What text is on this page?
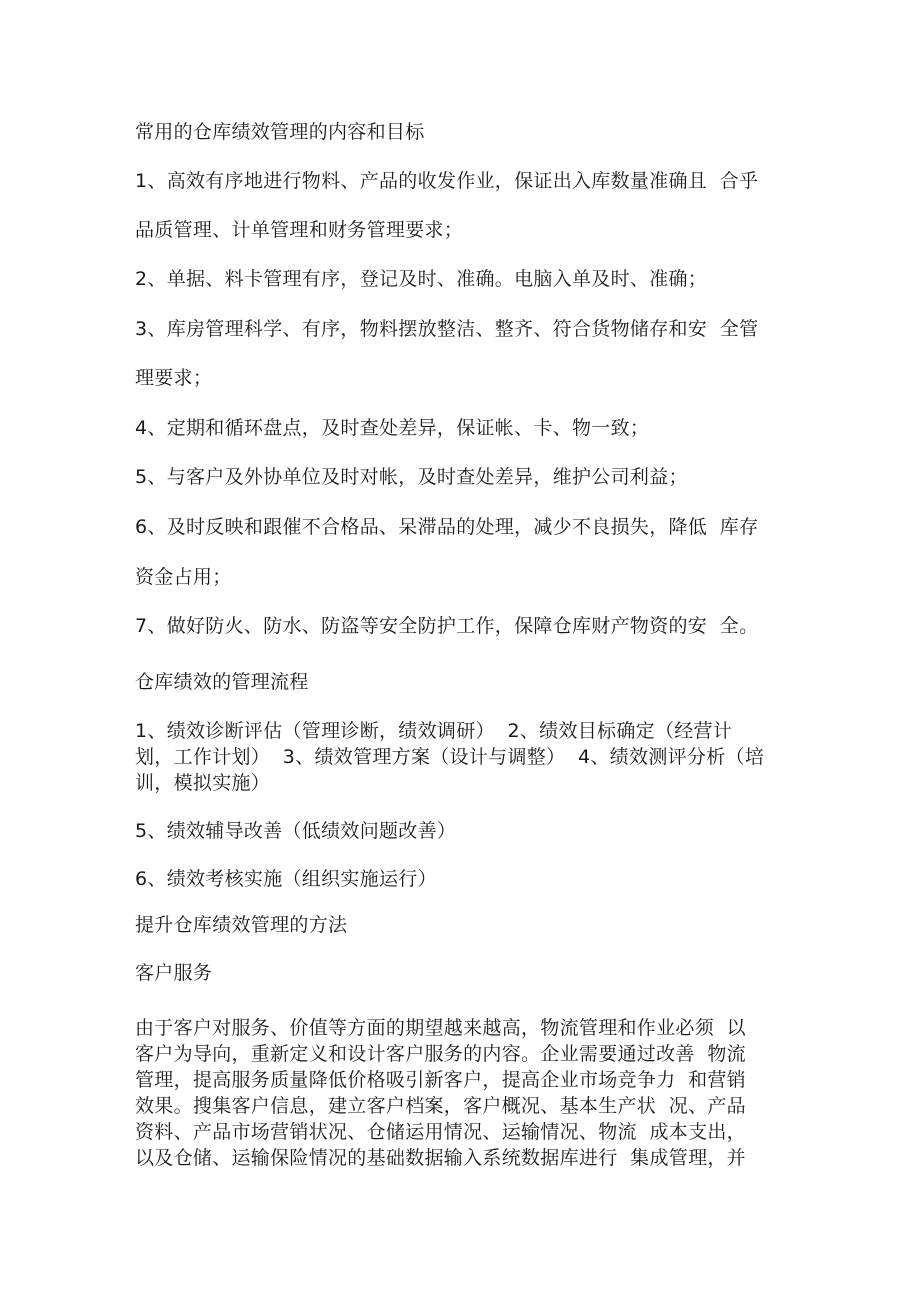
常用的仓库绩效管理的内容和目标

1、高效有序地进行物料、产品的收发作业，保证出入库数量准确且  合乎

品质管理、计单管理和财务管理要求；

2、单据、料卡管理有序，登记及时、准确。电脑入单及时、准确；

3、库房管理科学、有序，物料摆放整洁、整齐、符合货物储存和安  全管

理要求；

4、定期和循环盘点，及时查处差异，保证帐、卡、物一致；

5、与客户及外协单位及时对帐，及时查处差异，维护公司利益；

6、及时反映和跟催不合格品、呆滞品的处理，减少不良损失，降低  库存

资金占用；

7、做好防火、防水、防盗等安全防护工作，保障仓库财产物资的安  全。

仓库绩效的管理流程

1、绩效诊断评估（管理诊断，绩效调研）  2、绩效目标确定（经营计

划，工作计划）  3、绩效管理方案（设计与调整）  4、绩效测评分析（培

训，模拟实施）

5、绩效辅导改善（低绩效问题改善）

6、绩效考核实施（组织实施运行）

提升仓库绩效管理的方法

客户服务

由于客户对服务、价值等方面的期望越来越高，物流管理和作业必须  以

客户为导向，重新定义和设计客户服务的内容。企业需要通过改善  物流

管理，提高服务质量降低价格吸引新客户，提高企业市场竞争力  和营销

效果。搜集客户信息，建立客户档案，客户概况、基本生产状  况、产品

资料、产品市场营销状况、仓储运用情况、运输情况、物流  成本支出，

以及仓储、运输保险情况的基础数据输入系统数据库进行  集成管理，并
